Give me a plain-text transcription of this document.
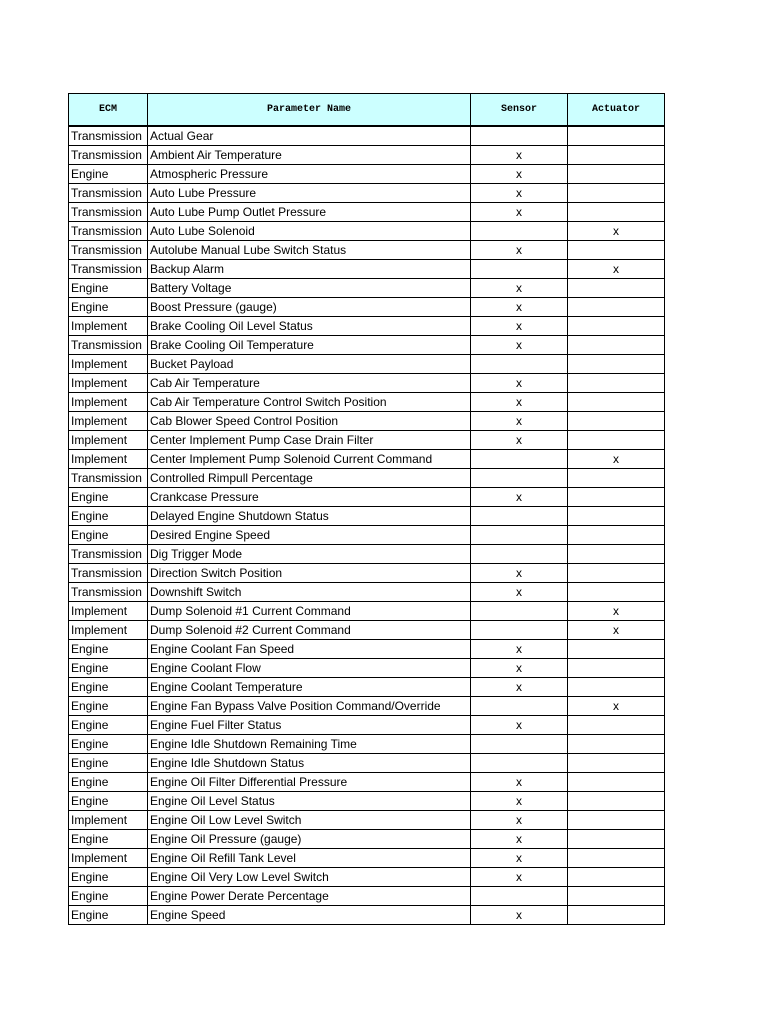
ECM	Parameter Name	Sensor	Actuator
Transmission	Actual Gear		
Transmission	Ambient Air Temperature	x	
Engine	Atmospheric Pressure	x	
Transmission	Auto Lube Pressure	x	
Transmission	Auto Lube Pump Outlet Pressure	x	
Transmission	Auto Lube Solenoid		x
Transmission	Autolube Manual Lube Switch Status	x	
Transmission	Backup Alarm		x
Engine	Battery Voltage	x	
Engine	Boost Pressure (gauge)	x	
Implement	Brake Cooling Oil Level Status	x	
Transmission	Brake Cooling Oil Temperature	x	
Implement	Bucket Payload		
Implement	Cab Air Temperature	x	
Implement	Cab Air Temperature Control Switch Position	x	
Implement	Cab Blower Speed Control Position	x	
Implement	Center Implement Pump Case Drain Filter	x	
Implement	Center Implement Pump Solenoid Current Command		x
Transmission	Controlled Rimpull Percentage		
Engine	Crankcase Pressure	x	
Engine	Delayed Engine Shutdown Status		
Engine	Desired Engine Speed		
Transmission	Dig Trigger Mode		
Transmission	Direction Switch Position	x	
Transmission	Downshift Switch	x	
Implement	Dump Solenoid #1 Current Command		x
Implement	Dump Solenoid #2 Current Command		x
Engine	Engine Coolant Fan Speed	x	
Engine	Engine Coolant Flow	x	
Engine	Engine Coolant Temperature	x	
Engine	Engine Fan Bypass Valve Position Command/Override		x
Engine	Engine Fuel Filter Status	x	
Engine	Engine Idle Shutdown Remaining Time		
Engine	Engine Idle Shutdown Status		
Engine	Engine Oil Filter Differential Pressure	x	
Engine	Engine Oil Level Status	x	
Implement	Engine Oil Low Level Switch	x	
Engine	Engine Oil Pressure (gauge)	x	
Implement	Engine Oil Refill Tank Level	x	
Engine	Engine Oil Very Low Level Switch	x	
Engine	Engine Power Derate Percentage		
Engine	Engine Speed	x	
